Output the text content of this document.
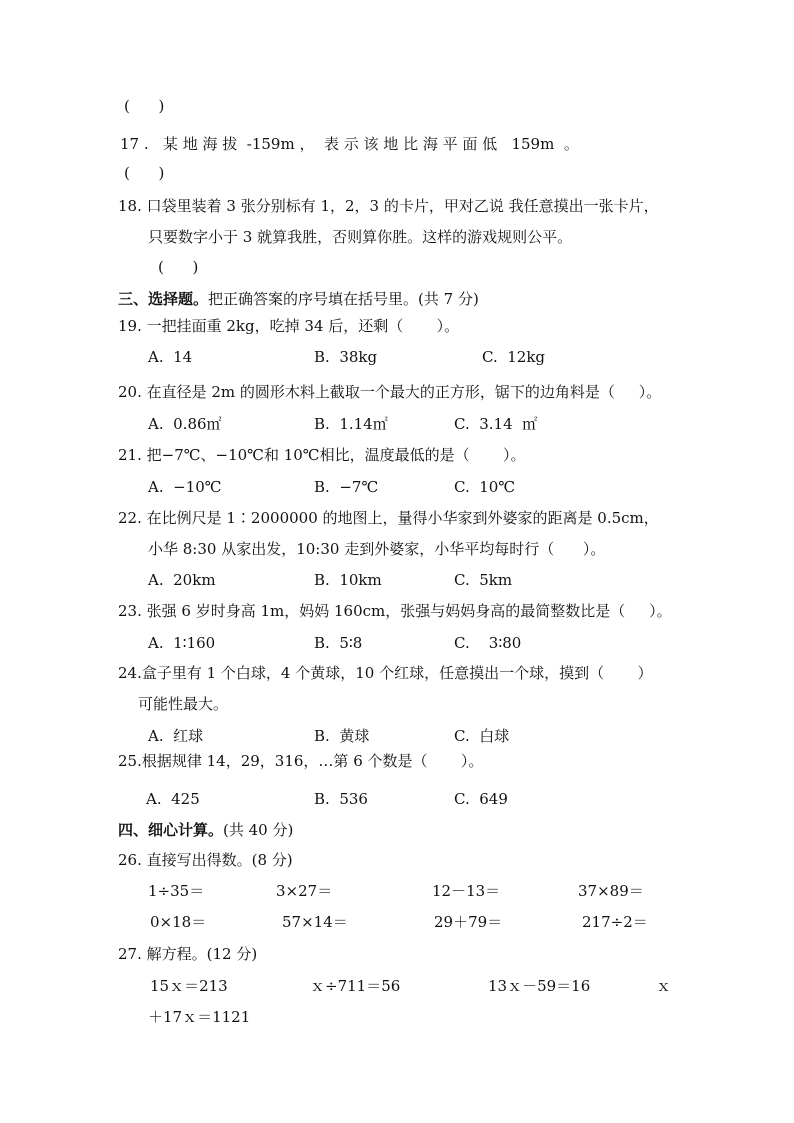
(      )
17 .   某 地 海 拔  -159m ，  表 示 该 地 比 海 平 面 低   159m  。
(      )
18. 口袋里装着 3 张分别标有 1，2，3 的卡片，甲对乙说 我任意摸出一张卡片，
只要数字小于 3 就算我胜，否则算你胜。这样的游戏规则公平。
(      )
三、选择题。把正确答案的序号填在括号里。(共 7 分)
19. 一把挂面重 2kg，吃掉 34 后，还剩（       ）。
A.  14	B.  38kg	C.  12kg
20. 在直径是 2m 的圆形木料上截取一个最大的正方形，锯下的边角料是（     ）。
A.  0.86㎡	B.  1.14㎡	C.  3.14  ㎡
21. 把−7℃、−10℃和 10℃相比，温度最低的是（       ）。
A.  −10℃	B.  −7℃	C.  10℃
22. 在比例尺是 1∶2000000 的地图上，量得小华家到外婆家的距离是 0.5cm，
小华 8:30 从家出发，10:30 走到外婆家，小华平均每时行（      ）。
A.  20km	B.  10km	C.  5km
23. 张强 6 岁时身高 1m，妈妈 160cm，张强与妈妈身高的最简整数比是（     ）。
A.  1∶160	B.  5∶8	C.    3∶80
24.盒子里有 1 个白球，4 个黄球，10 个红球，任意摸出一个球，摸到（       ）
可能性最大。
A.  红球	B.  黄球	C.  白球
25.根据规律 14，29，316，…第 6 个数是（       ）。
A.  425	B.  536	C.  649
四、细心计算。(共 40 分)
26. 直接写出得数。(8 分)
1÷35＝	3×27＝	12－13＝	37×89＝
0×18＝	57×14＝	29＋79＝	217÷2＝
27. 解方程。(12 分)
15ｘ＝213	ｘ÷711＝56	13ｘ－59＝16	ｘ
＋17ｘ＝1121
